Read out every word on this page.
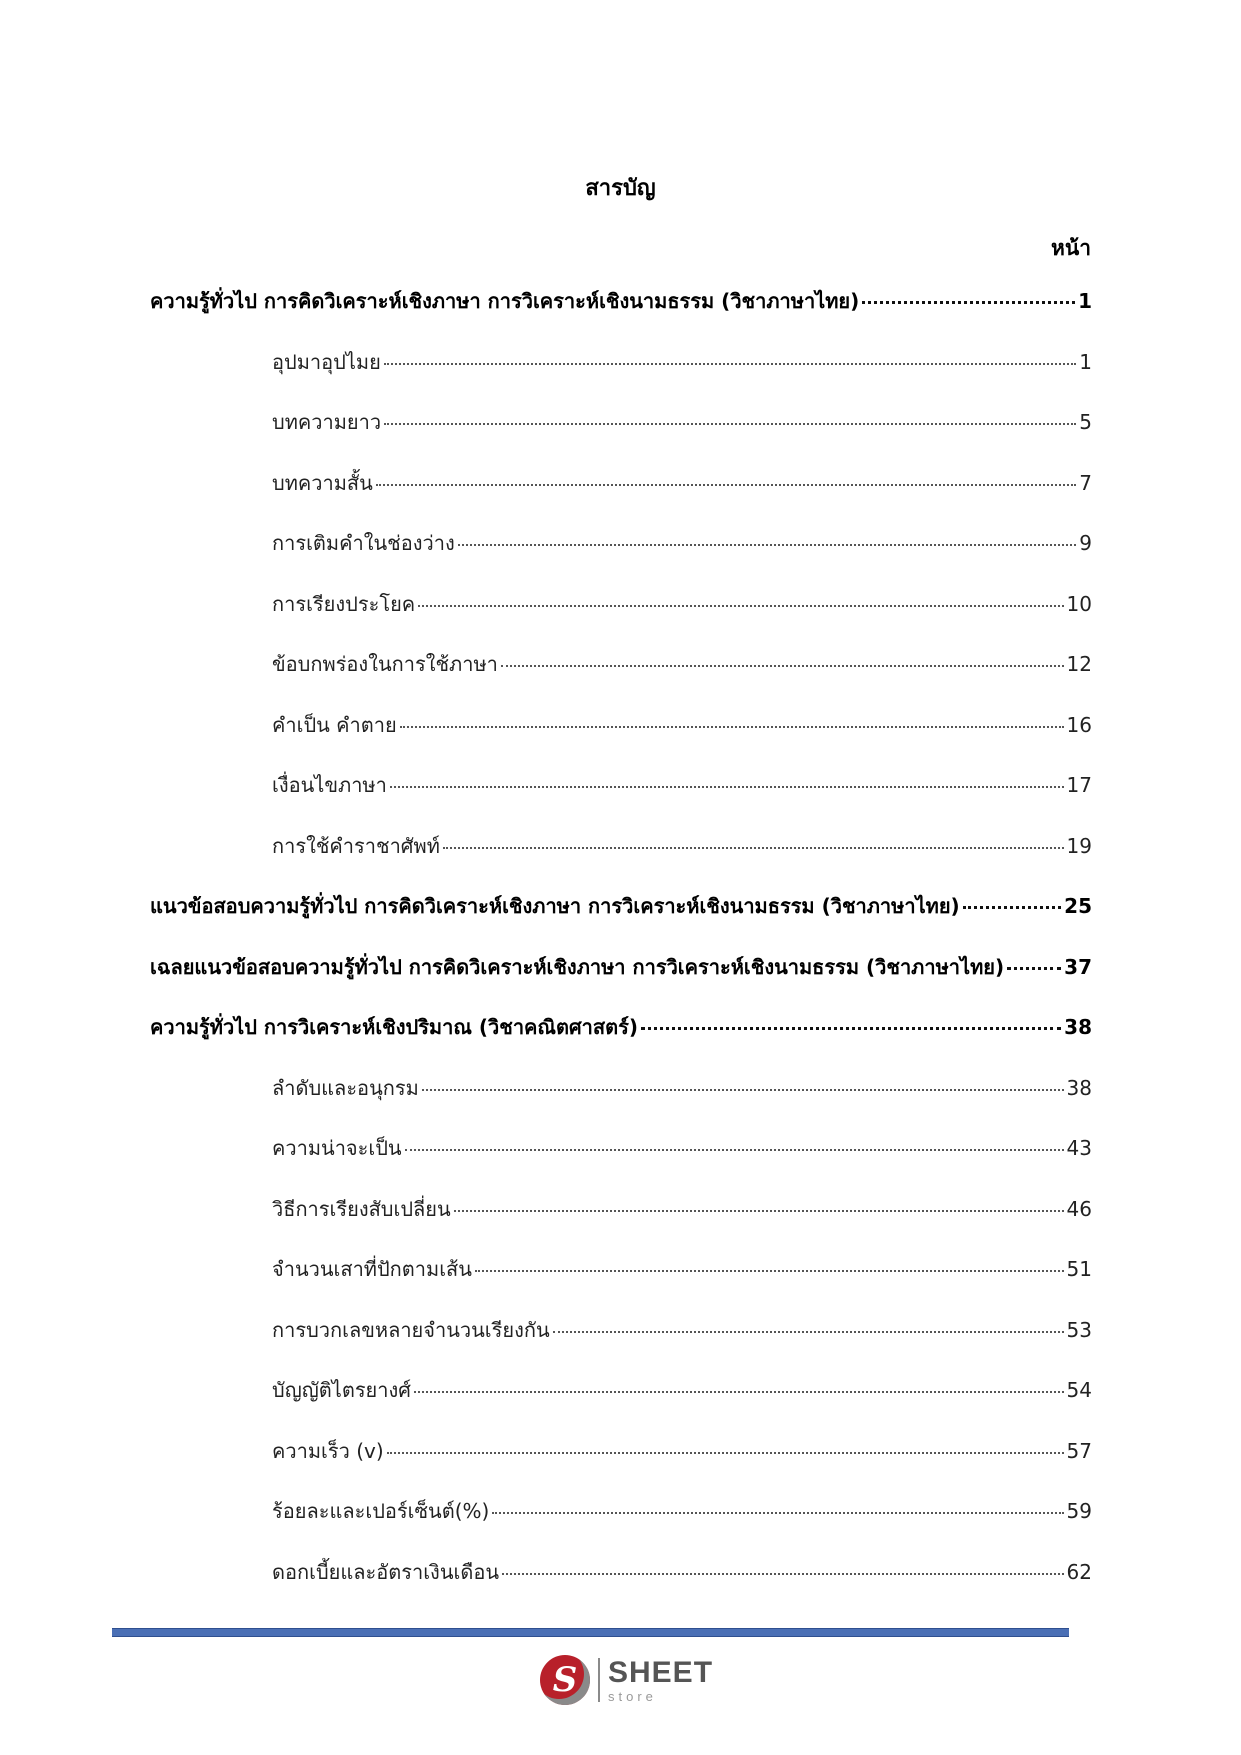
สารบัญ
หน้า
ความรู้ทั่วไป การคิดวิเคราะห์เชิงภาษา การวิเคราะห์เชิงนามธรรม (วิชาภาษาไทย)	1
อุปมาอุปไมย	1
บทความยาว	5
บทความสั้น	7
การเติมคำในช่องว่าง	9
การเรียงประโยค	10
ข้อบกพร่องในการใช้ภาษา	12
คำเป็น คำตาย	16
เงื่อนไขภาษา	17
การใช้คำราชาศัพท์	19
แนวข้อสอบความรู้ทั่วไป การคิดวิเคราะห์เชิงภาษา การวิเคราะห์เชิงนามธรรม (วิชาภาษาไทย)	25
เฉลยแนวข้อสอบความรู้ทั่วไป การคิดวิเคราะห์เชิงภาษา การวิเคราะห์เชิงนามธรรม (วิชาภาษาไทย)	37
ความรู้ทั่วไป การวิเคราะห์เชิงปริมาณ (วิชาคณิตศาสตร์)	38
ลำดับและอนุกรม	38
ความน่าจะเป็น	43
วิธีการเรียงสับเปลี่ยน	46
จำนวนเสาที่ปักตามเส้น	51
การบวกเลขหลายจำนวนเรียงกัน	53
บัญญัติไตรยางศ์	54
ความเร็ว (v)	57
ร้อยละและเปอร์เซ็นต์(%)	59
ดอกเบี้ยและอัตราเงินเดือน	62
S SHEET
store
